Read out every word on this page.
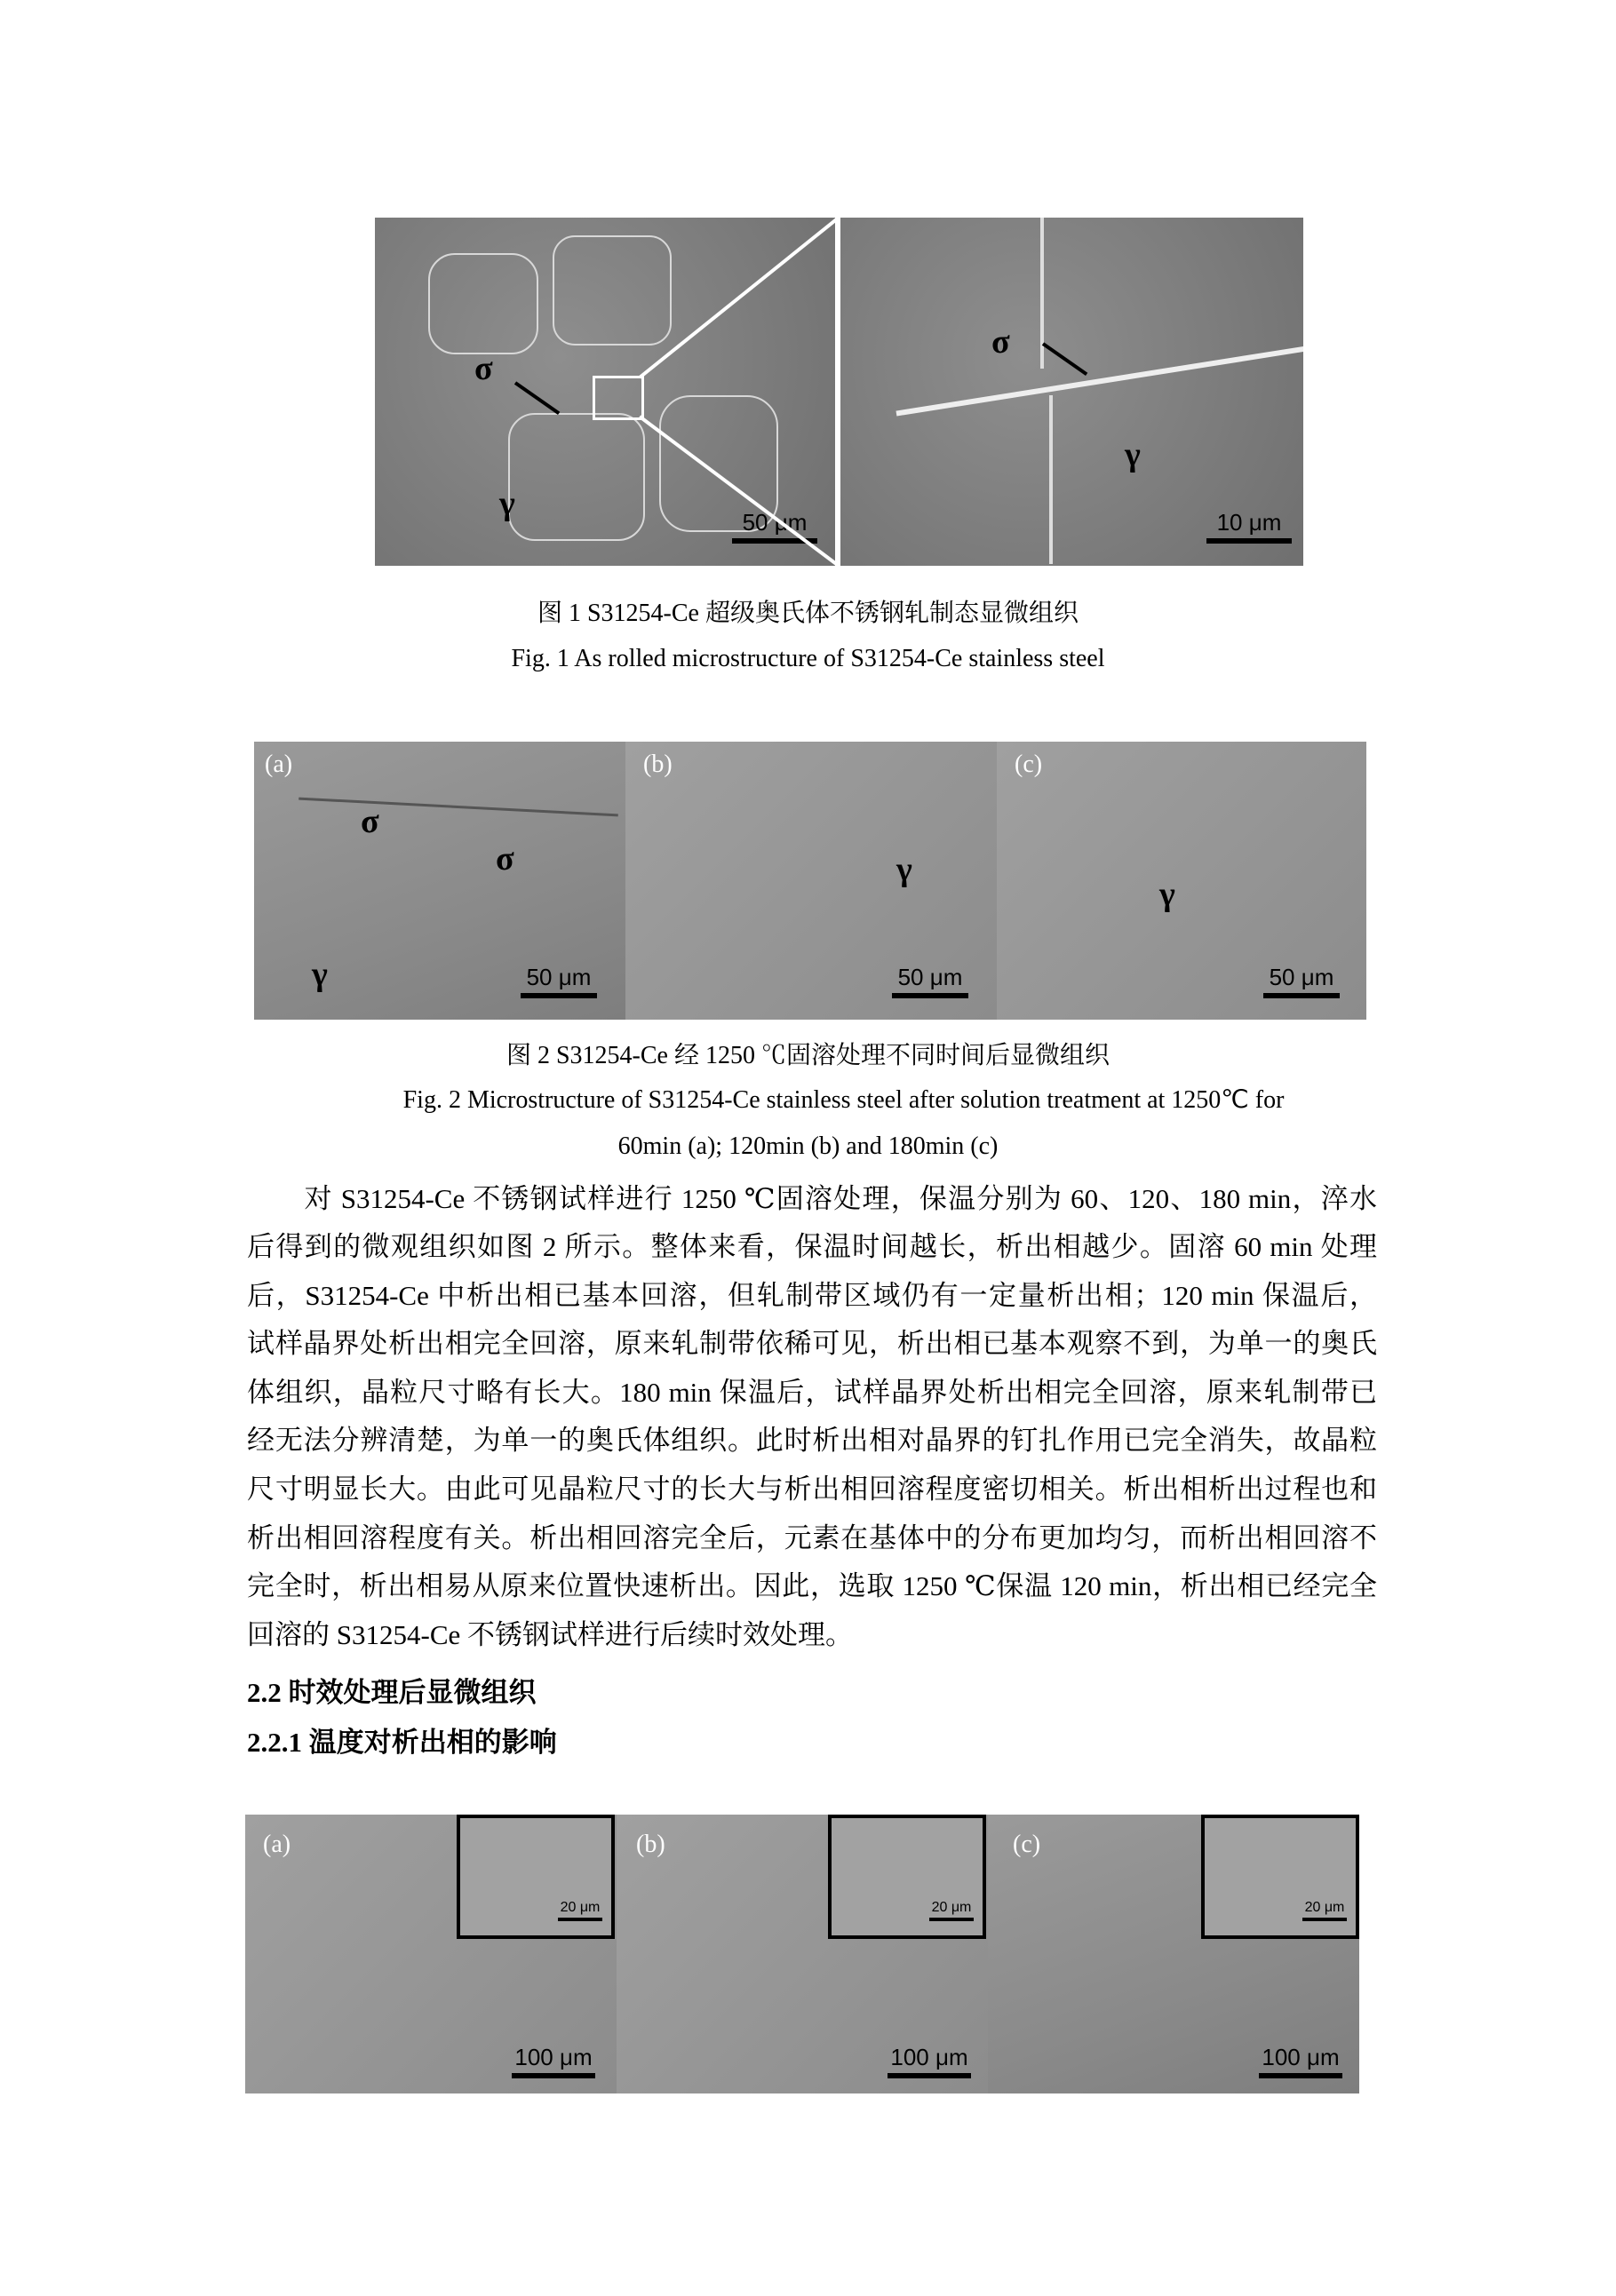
σ
γ	50 μm
σ
γ
10 μm
图 1 S31254-Ce 超级奥氏体不锈钢轧制态显微组织
Fig. 1 As rolled microstructure of S31254-Ce stainless steel
(a)
σ
σ
γ	50 μm
(b)
γ
50 μm
(c)
γ
50 μm
图 2 S31254-Ce 经 1250 ℃固溶处理不同时间后显微组织
Fig. 2 Microstructure of S31254-Ce stainless steel after solution treatment at 1250℃ for
60min (a); 120min (b) and 180min (c)
　　对 S31254-Ce 不锈钢试样进行 1250 ℃固溶处理，保温分别为 60、120、180 min，淬水
后得到的微观组织如图 2 所示。整体来看，保温时间越长，析出相越少。固溶 60 min 处理
后，S31254-Ce 中析出相已基本回溶，但轧制带区域仍有一定量析出相；120 min 保温后，
试样晶界处析出相完全回溶，原来轧制带依稀可见，析出相已基本观察不到，为单一的奥氏
体组织，晶粒尺寸略有长大。180 min 保温后，试样晶界处析出相完全回溶，原来轧制带已
经无法分辨清楚，为单一的奥氏体组织。此时析出相对晶界的钉扎作用已完全消失，故晶粒
尺寸明显长大。由此可见晶粒尺寸的长大与析出相回溶程度密切相关。析出相析出过程也和
析出相回溶程度有关。析出相回溶完全后，元素在基体中的分布更加均匀，而析出相回溶不
完全时，析出相易从原来位置快速析出。因此，选取 1250 ℃保温 120 min，析出相已经完全
回溶的 S31254-Ce 不锈钢试样进行后续时效处理。
2.2 时效处理后显微组织
2.2.1 温度对析出相的影响
(a)
20 μm
100 μm
(b)
20 μm
100 μm
(c)
20 μm
100 μm
